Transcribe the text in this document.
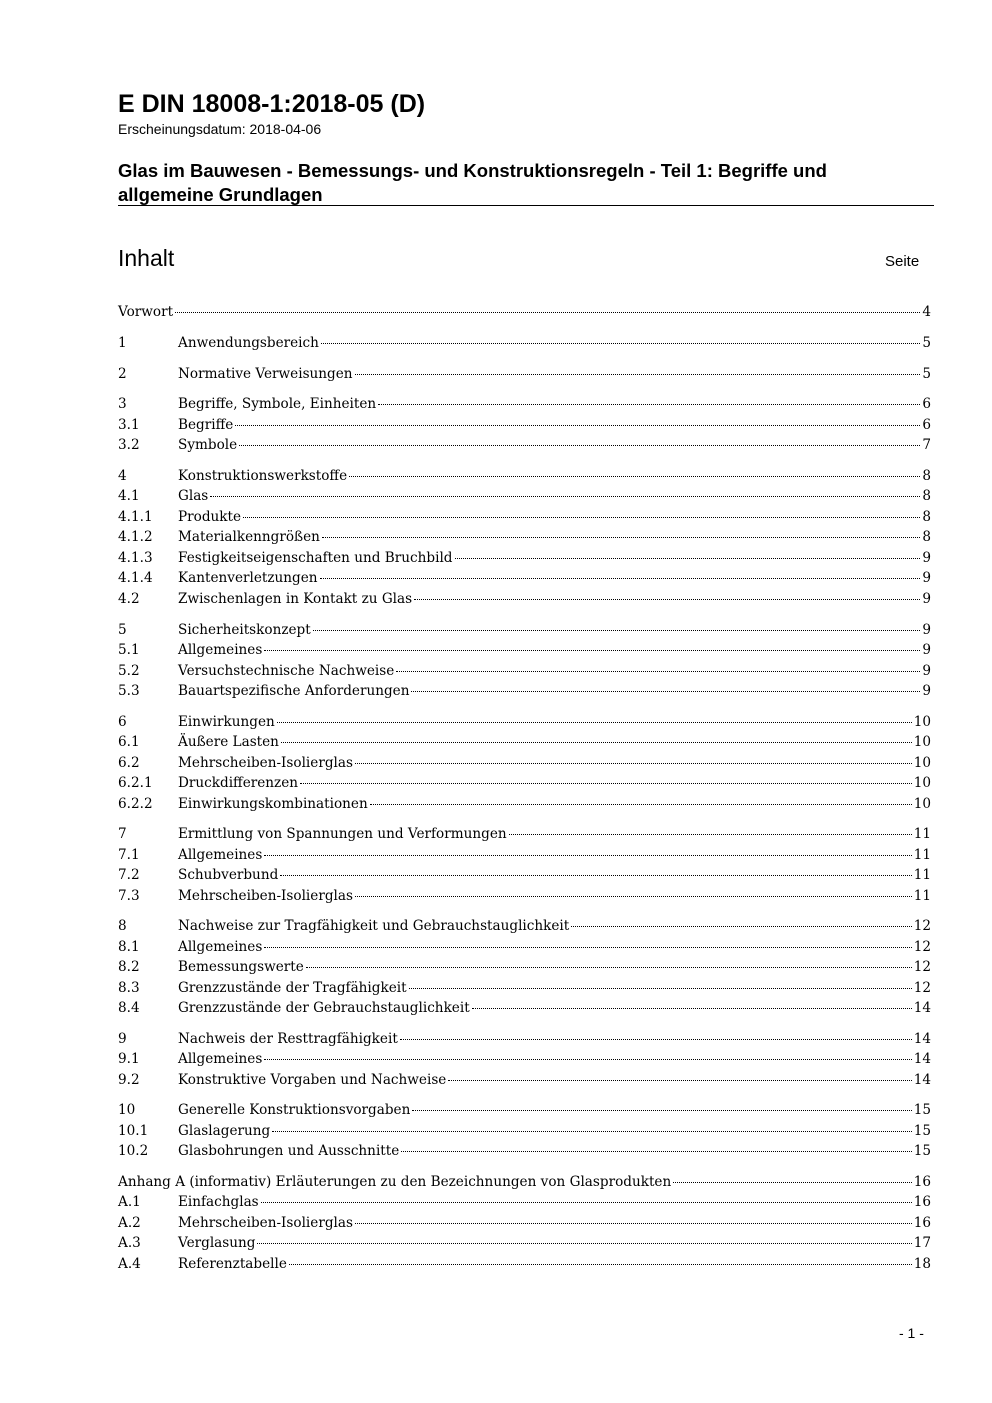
E DIN 18008-1:2018-05 (D)
Erscheinungsdatum: 2018-04-06
Glas im Bauwesen - Bemessungs- und Konstruktionsregeln - Teil 1: Begriffe und allgemeine Grundlagen
Inhalt	Seite
Vorwort	4
1	Anwendungsbereich	5
2	Normative Verweisungen	5
3	Begriffe, Symbole, Einheiten	6
3.1	Begriffe	6
3.2	Symbole	7
4	Konstruktionswerkstoffe	8
4.1	Glas	8
4.1.1 Produkte	8
4.1.2 Materialkenngrößen	8
4.1.3 Festigkeitseigenschaften und Bruchbild	9
4.1.4 Kantenverletzungen	9
4.2	Zwischenlagen in Kontakt zu Glas	9
5	Sicherheitskonzept	9
5.1	Allgemeines	9
5.2	Versuchstechnische Nachweise	9
5.3	Bauartspezifische Anforderungen	9
6	Einwirkungen	10
6.1	Äußere Lasten	10
6.2	Mehrscheiben-Isolierglas	10
6.2.1 Druckdifferenzen	10
6.2.2 Einwirkungskombinationen	10
7	Ermittlung von Spannungen und Verformungen	11
7.1	Allgemeines	11
7.2	Schubverbund	11
7.3	Mehrscheiben-Isolierglas	11
8	Nachweise zur Tragfähigkeit und Gebrauchstauglichkeit	12
8.1	Allgemeines	12
8.2	Bemessungswerte	12
8.3	Grenzzustände der Tragfähigkeit	12
8.4	Grenzzustände der Gebrauchstauglichkeit	14
9	Nachweis der Resttragfähigkeit	14
9.1	Allgemeines	14
9.2	Konstruktive Vorgaben und Nachweise	14
10	Generelle Konstruktionsvorgaben	15
10.1 Glaslagerung	15
10.2 Glasbohrungen und Ausschnitte	15
Anhang A (informativ) Erläuterungen zu den Bezeichnungen von Glasprodukten	16
A.1	Einfachglas	16
A.2	Mehrscheiben-Isolierglas	16
A.3	Verglasung	17
A.4	Referenztabelle	18
- 1 -
